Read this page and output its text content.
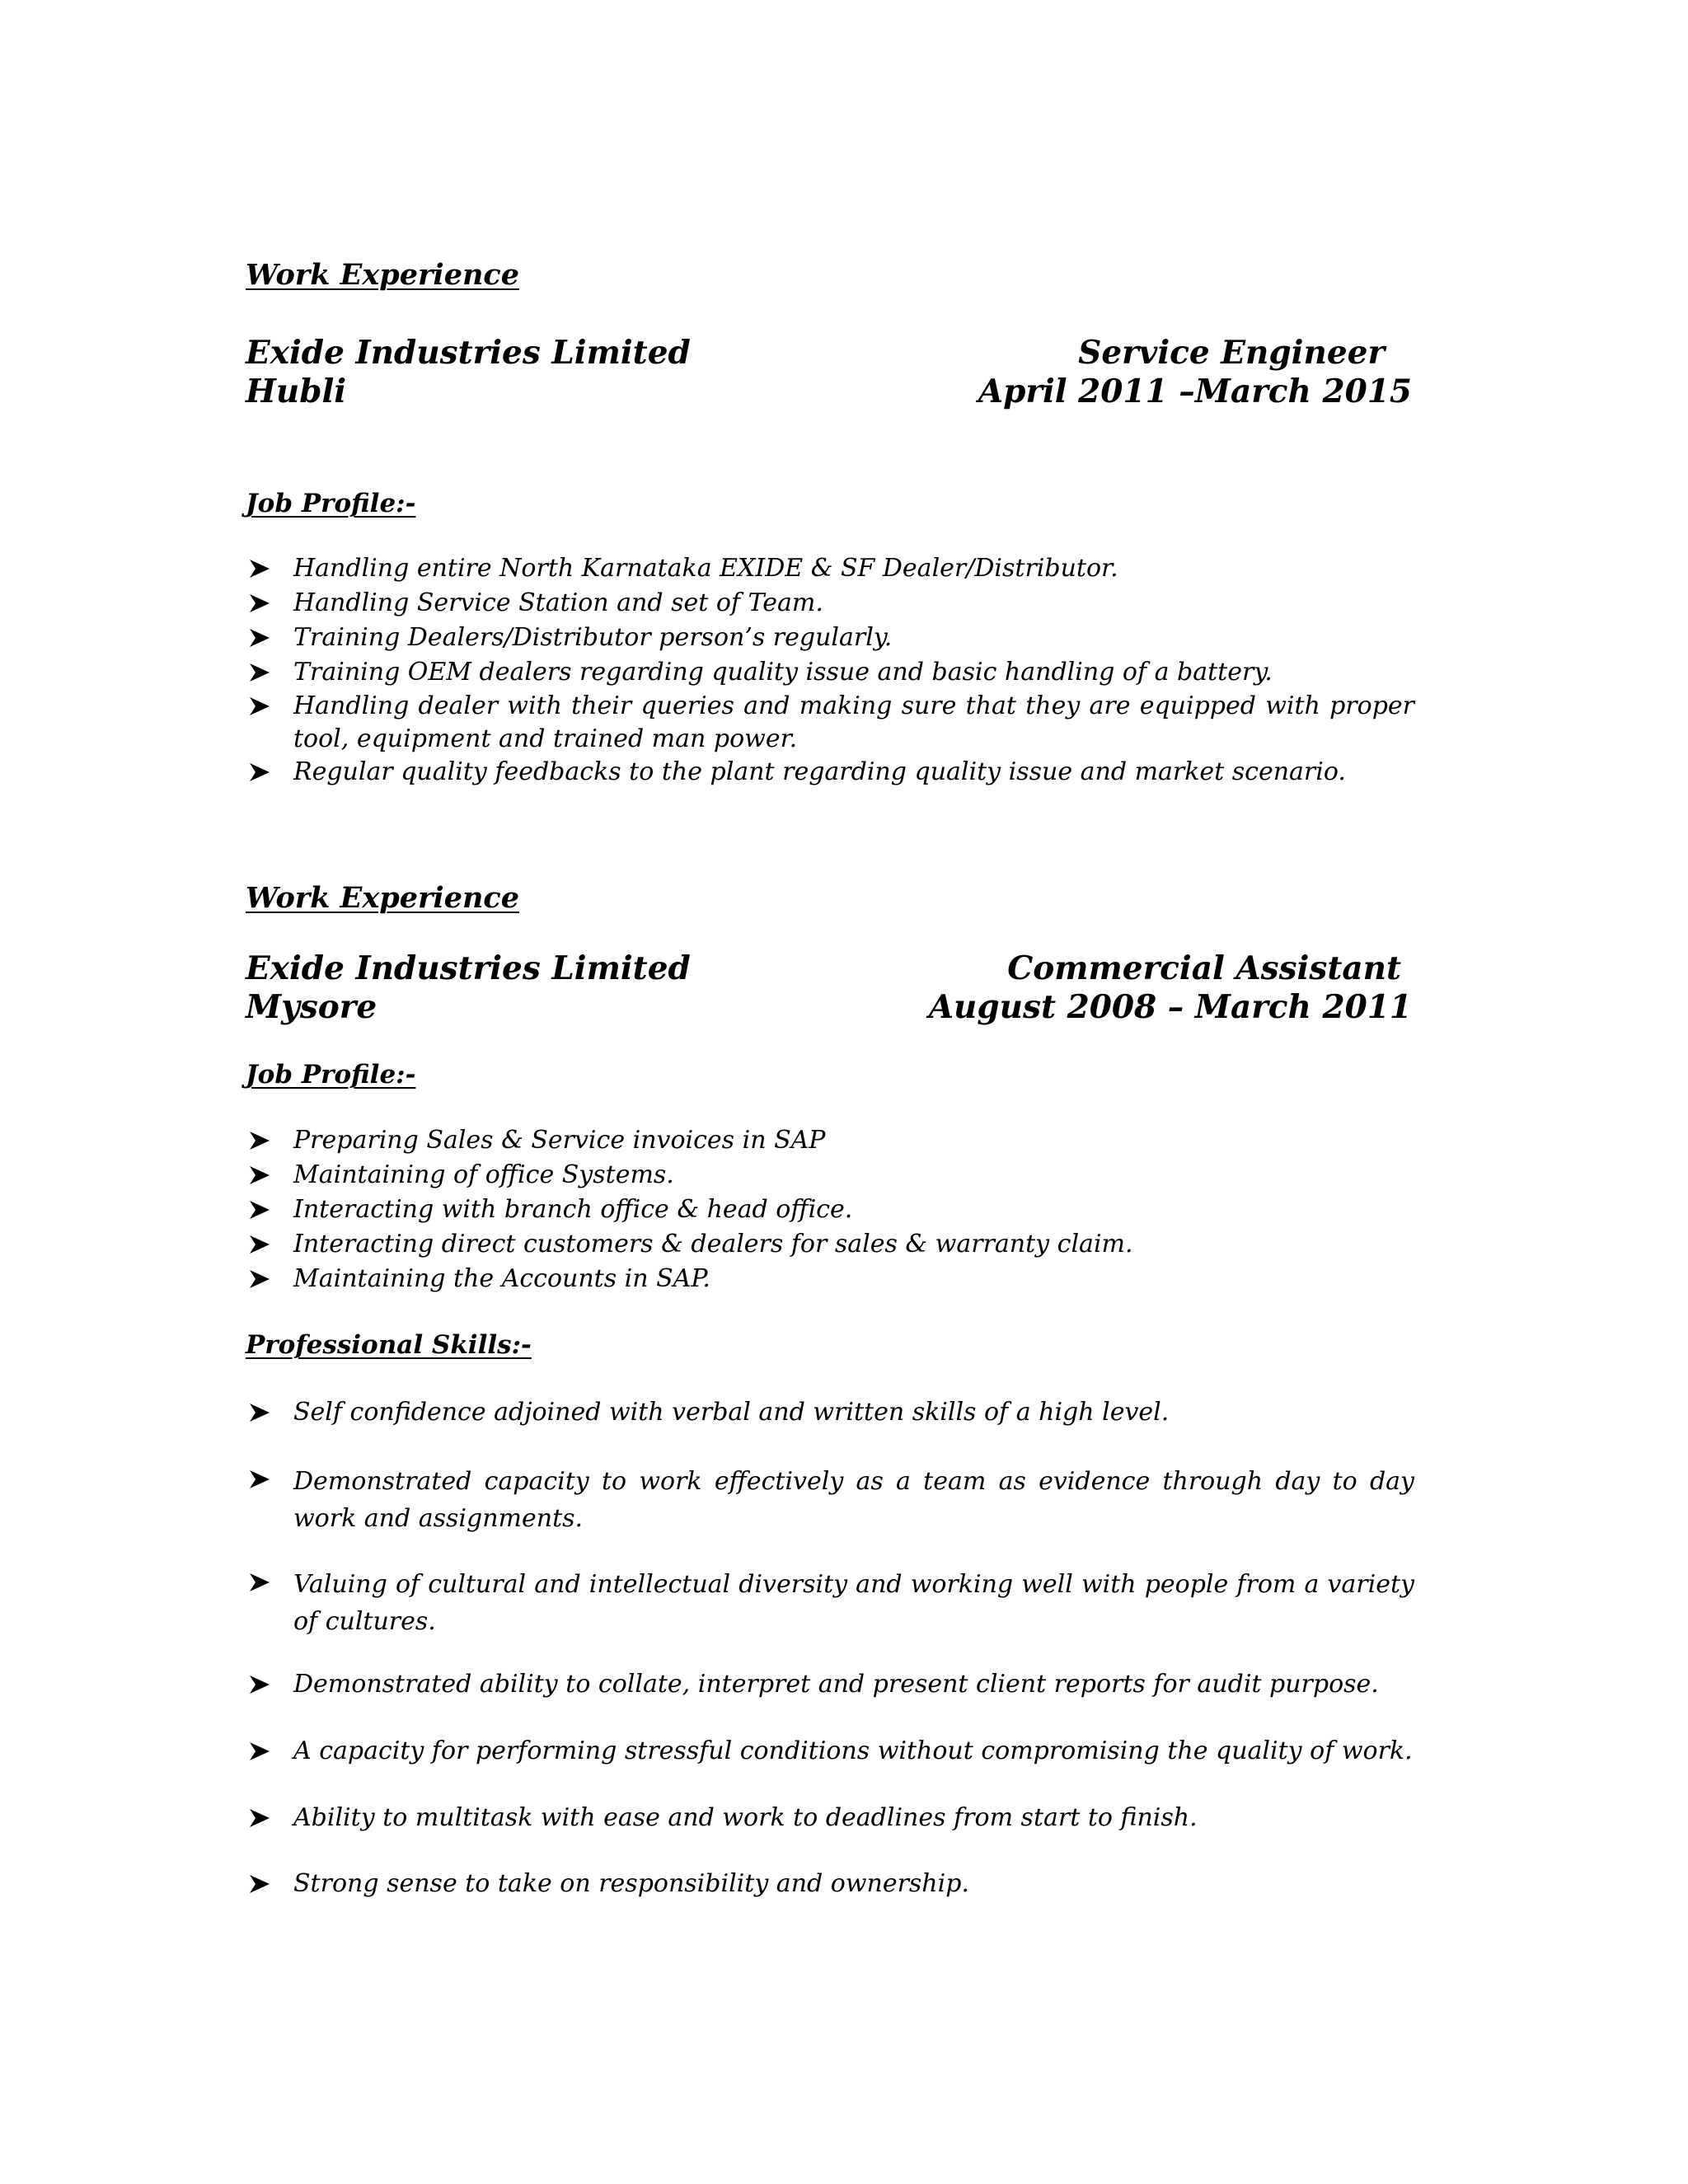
Work Experience
Exide Industries Limited
Hubli
Service Engineer
April 2011 –March 2015
Job Profile:-
Handling entire North Karnataka EXIDE & SF Dealer/Distributor.
Handling Service Station and set of Team.
Training Dealers/Distributor person’s regularly.
Training OEM dealers regarding quality issue and basic handling of a battery.
Handling dealer with their queries and making sure that they are equipped with proper tool, equipment and trained man power.
Regular quality feedbacks to the plant regarding quality issue and market scenario.
Work Experience
Exide Industries Limited
Mysore
Commercial Assistant
August 2008 – March 2011
Job Profile:-
Preparing Sales & Service invoices in SAP
Maintaining of office Systems.
Interacting with branch office & head office.
Interacting direct customers & dealers for sales & warranty claim.
Maintaining the Accounts in SAP.
Professional Skills:-
Self confidence adjoined with verbal and written skills of a high level.
Demonstrated capacity to work effectively as a team as evidence through day to day work and assignments.
Valuing of cultural and intellectual diversity and working well with people from a variety of cultures.
Demonstrated ability to collate, interpret and present client reports for audit purpose.
A capacity for performing stressful conditions without compromising the quality of work.
Ability to multitask with ease and work to deadlines from start to finish.
Strong sense to take on responsibility and ownership.
